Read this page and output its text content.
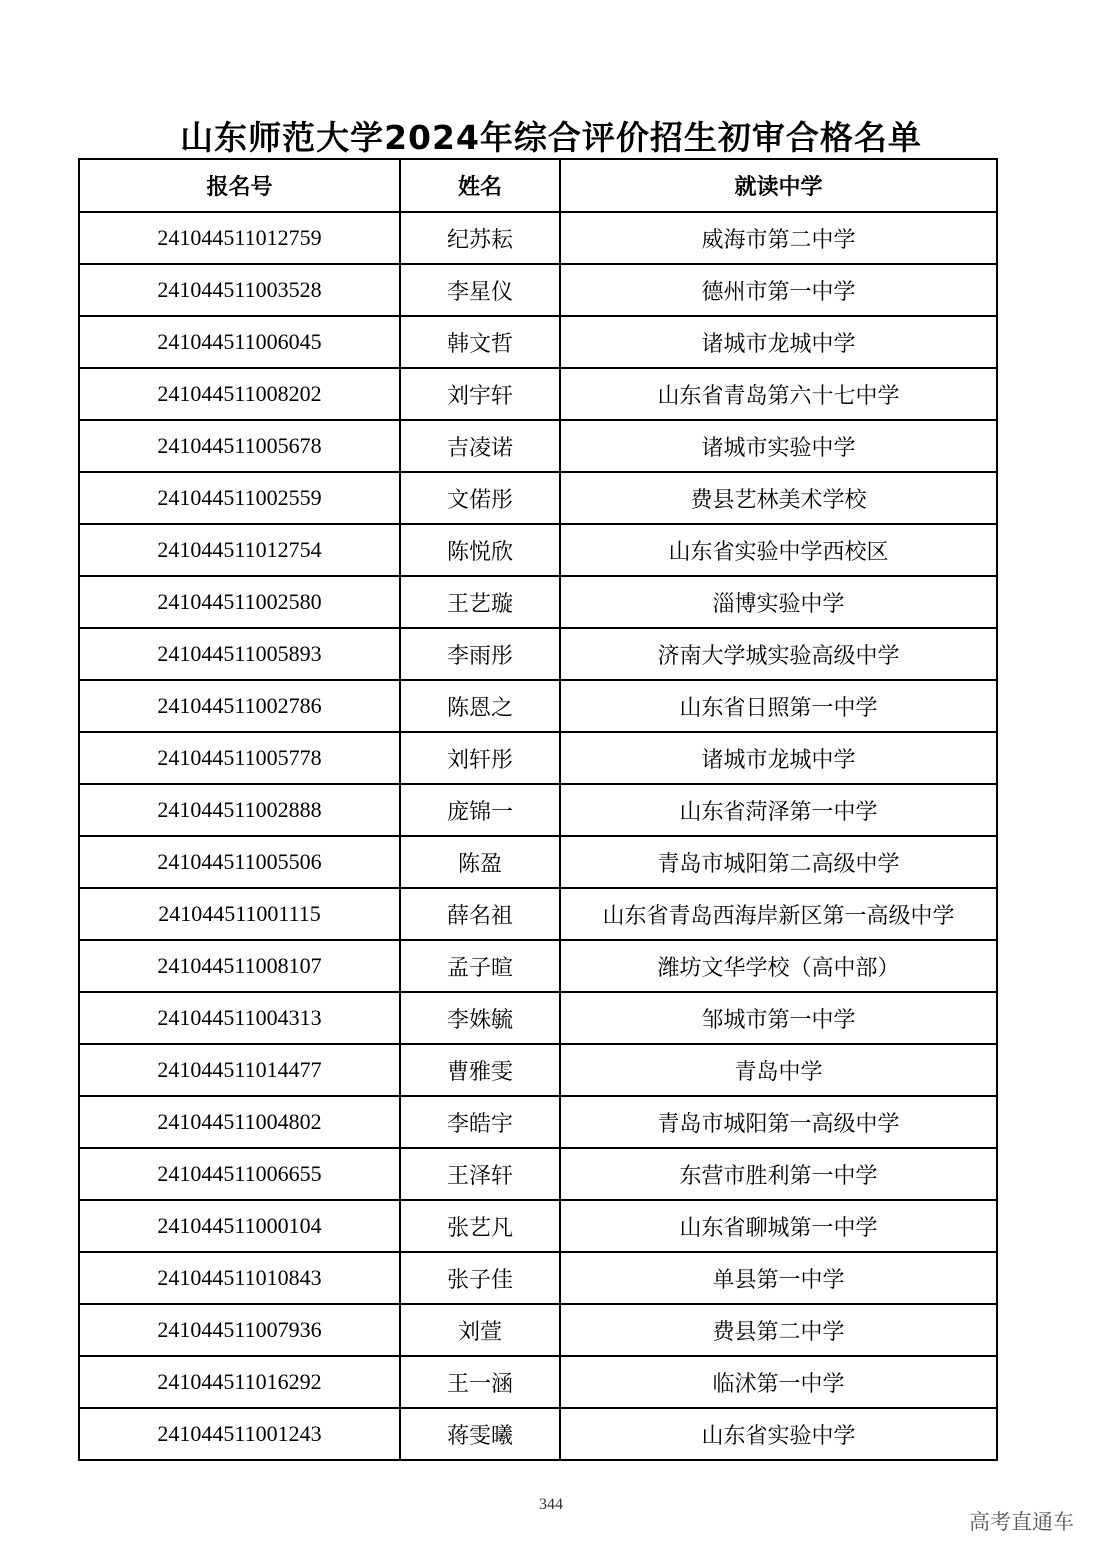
山东师范大学2024年综合评价招生初审合格名单
报名号	姓名	就读中学
241044511012759	纪苏耘	威海市第二中学
241044511003528	李星仪	德州市第一中学
241044511006045	韩文哲	诸城市龙城中学
241044511008202	刘宇轩	山东省青岛第六十七中学
241044511005678	吉凌诺	诸城市实验中学
241044511002559	文偌彤	费县艺林美术学校
241044511012754	陈悦欣	山东省实验中学西校区
241044511002580	王艺璇	淄博实验中学
241044511005893	李雨彤	济南大学城实验高级中学
241044511002786	陈恩之	山东省日照第一中学
241044511005778	刘轩彤	诸城市龙城中学
241044511002888	庞锦一	山东省菏泽第一中学
241044511005506	陈盈	青岛市城阳第二高级中学
241044511001115	薛名祖	山东省青岛西海岸新区第一高级中学
241044511008107	孟子暄	潍坊文华学校（高中部）
241044511004313	李姝毓	邹城市第一中学
241044511014477	曹雅雯	青岛中学
241044511004802	李皓宇	青岛市城阳第一高级中学
241044511006655	王泽轩	东营市胜利第一中学
241044511000104	张艺凡	山东省聊城第一中学
241044511010843	张子佳	单县第一中学
241044511007936	刘萱	费县第二中学
241044511016292	王一涵	临沭第一中学
241044511001243	蒋雯曦	山东省实验中学
344
高考直通车
